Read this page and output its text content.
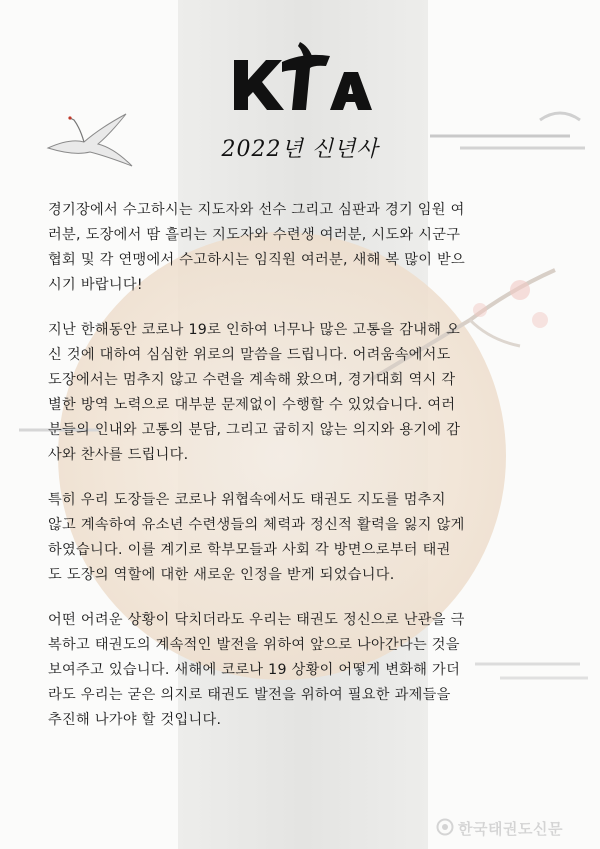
2022년 신년사

경기장에서 수고하시는 지도자와 선수 그리고 심판과 경기 임원 여
러분, 도장에서 땀 흘리는 지도자와 수련생 여러분, 시도와 시군구
협회 및 각 연맹에서 수고하시는 임직원 여러분, 새해 복 많이 받으
시기 바랍니다!

지난 한해동안 코로나 19로 인하여 너무나 많은 고통을 감내해 오
신 것에 대하여 심심한 위로의 말씀을 드립니다. 어려움속에서도
도장에서는 멈추지 않고 수련을 계속해 왔으며, 경기대회 역시 각
별한 방역 노력으로 대부분 문제없이 수행할 수 있었습니다. 여러
분들의 인내와 고통의 분담, 그리고 굽히지 않는 의지와 용기에 감
사와 찬사를 드립니다.

특히 우리 도장들은 코로나 위협속에서도 태권도 지도를 멈추지
않고 계속하여 유소년 수련생들의 체력과 정신적 활력을 잃지 않게
하였습니다. 이를 계기로 학부모들과 사회 각 방면으로부터 태권
도 도장의 역할에 대한 새로운 인정을 받게 되었습니다.

어떤 어려운 상황이 닥치더라도 우리는 태권도 정신으로 난관을 극
복하고 태권도의 계속적인 발전을 위하여 앞으로 나아간다는 것을
보여주고 있습니다. 새해에 코로나 19 상황이 어떻게 변화해 가더
라도 우리는 굳은 의지로 태권도 발전을 위하여 필요한 과제들을
추진해 나가야 할 것입니다.

한국태권도신문
